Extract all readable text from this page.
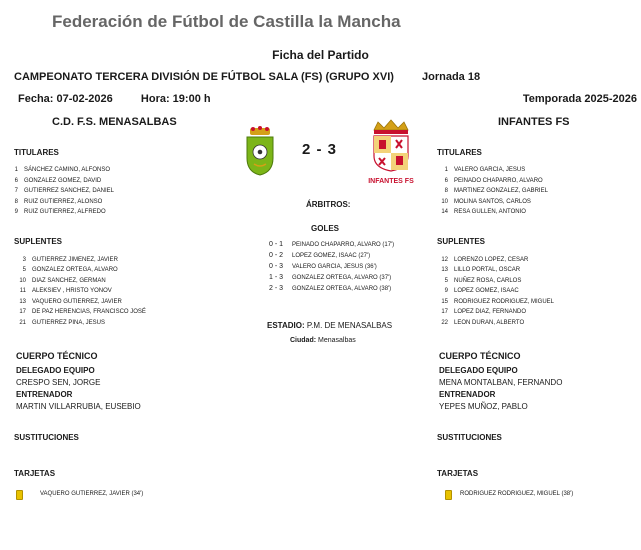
Federación de Fútbol de Castilla la Mancha
Ficha del Partido
CAMPEONATO TERCERA DIVISIÓN DE FÚTBOL SALA (FS) (GRUPO XVI)	Jornada 18
Fecha: 07-02-2026	Hora: 19:00 h	Temporada 2025-2026
C.D. F.S. MENASALBAS	INFANTES FS
2 - 3
INFANTES FS
TITULARES	TITULARES
1 SÁNCHEZ CAMINO, ALFONSO
6 GONZALEZ GOMEZ, DAVID
7 GUTIERREZ SANCHEZ, DANIEL
8 RUIZ GUTIERREZ, ALONSO
9 RUIZ GUTIERREZ, ALFREDO
1 VALERO GARCIA, JESUS
6 PEINADO CHAPARRO, ALVARO
8 MARTINEZ GONZALEZ, GABRIEL
10 MOLINA SANTOS, CARLOS
14 RESA GULLEN, ANTONIO
ÁRBITROS:
GOLES
0 - 1 PEINADO CHAPARRO, ALVARO (17')
0 - 2 LOPEZ GOMEZ, ISAAC (27')
0 - 3 VALERO GARCIA, JESUS (36')
1 - 3 GONZALEZ ORTEGA, ALVARO (37')
2 - 3 GONZALEZ ORTEGA, ALVARO (38')
SUPLENTES	SUPLENTES
3 GUTIERREZ JIMENEZ, JAVIER
5 GONZALEZ ORTEGA, ALVARO
10 DIAZ SANCHEZ, GERMAN
11 ALEKSIEV , HRISTO YONOV
13 VAQUERO GUTIERREZ, JAVIER
17 DE PAZ HERENCIAS, FRANCISCO JOSÉ
21 GUTIERREZ PINA, JESUS
12 LORENZO LOPEZ, CESAR
13 LILLO PORTAL, OSCAR
5 NUÑEZ ROSA, CARLOS
9 LOPEZ GOMEZ, ISAAC
15 RODRIGUEZ RODRIGUEZ, MIGUEL
17 LOPEZ DIAZ, FERNANDO
22 LEON DURAN, ALBERTO
ESTADIO: P.M. DE MENASALBAS
Ciudad: Menasalbas
CUERPO TÉCNICO
DELEGADO EQUIPO
CRESPO SEN, JORGE
ENTRENADOR
MARTIN VILLARRUBIA, EUSEBIO
CUERPO TÉCNICO
DELEGADO EQUIPO
MENA MONTALBAN, FERNANDO
ENTRENADOR
YEPES MUÑOZ, PABLO
SUSTITUCIONES	SUSTITUCIONES
TARJETAS	TARJETAS
VAQUERO GUTIERREZ, JAVIER (34')	RODRIGUEZ RODRIGUEZ, MIGUEL (38')
